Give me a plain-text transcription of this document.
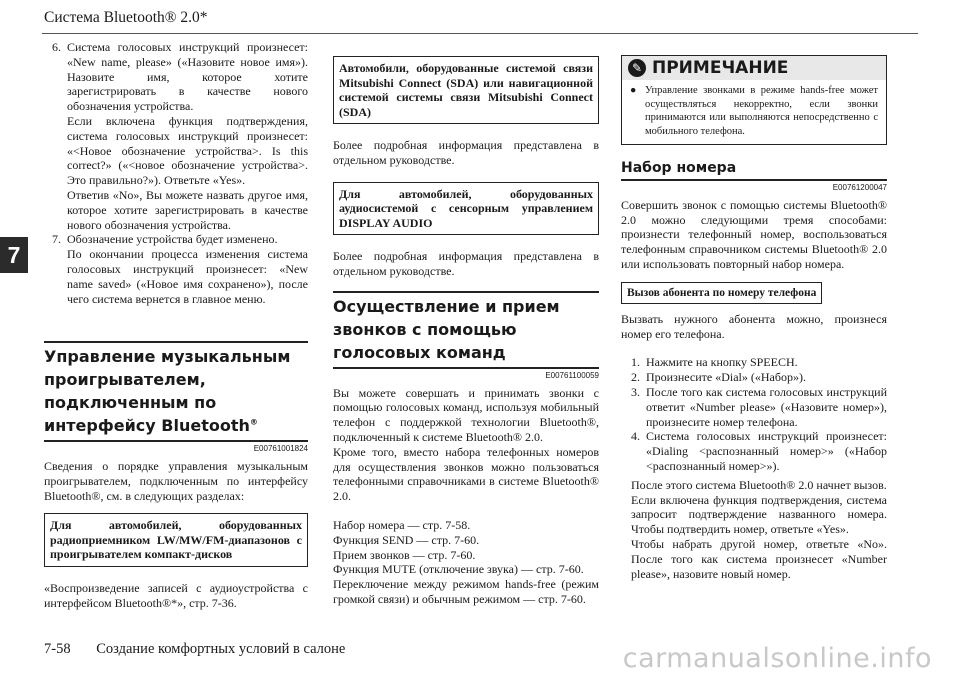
Система Bluetooth® 2.0*
7
6. Система голосовых инструкций произнесет: «New name, please» («Назовите новое имя»). Назовите имя, которое хотите зарегистрировать в качестве нового обозначения устройства.

Если включена функция подтверждения, система голосовых инструкций произнесет: «<Новое обозначение устройства>. Is this correct?» («<новое обозначение устройства>. Это правильно?»). Ответьте «Yes».

Ответив «No», Вы можете назвать другое имя, которое хотите зарегистрировать в качестве нового обозначения устройства.

7. Обозначение устройства будет изменено.

По окончании процесса изменения система голосовых инструкций произнесет: «New name saved» («Новое имя сохранено»), после чего система вернется в главное меню.

Управление музыкальным проигрывателем, подключенным по интерфейсу Bluetooth®
E00761001824

Сведения о порядке управления музыкальным проигрывателем, подключенным по интерфейсу Bluetooth®, см. в следующих разделах:

Для автомобилей, оборудованных радиоприемником LW/MW/FM-диапазонов с проигрывателем компакт-дисков

«Воспроизведение записей с аудиоустройства с интерфейсом Bluetooth®*», стр. 7-36.

Автомобили, оборудованные системой связи Mitsubishi Connect (SDA) или навигационной системой системы связи Mitsubishi Connect (SDA)

Более подробная информация представлена в отдельном руководстве.

Для автомобилей, оборудованных аудиосистемой с сенсорным управлением DISPLAY AUDIO

Более подробная информация представлена в отдельном руководстве.

Осуществление и прием звонков с помощью голосовых команд
E00761100059

Вы можете совершать и принимать звонки с помощью голосовых команд, используя мобильный телефон с поддержкой технологии Bluetooth®, подключенный к системе Bluetooth® 2.0.

Кроме того, вместо набора телефонных номеров для осуществления звонков можно пользоваться телефонными справочниками в системе Bluetooth® 2.0.

Набор номера — стр. 7-58.

Функция SEND — стр. 7-60.

Прием звонков — стр. 7-60.

Функция MUTE (отключение звука) — стр. 7-60.

Переключение между режимом hands-free (режим громкой связи) и обычным режимом — стр. 7-60.

✎ ПРИМЕЧАНИЕ
● Управление звонками в режиме hands-free может осуществляться некорректно, если звонки принимаются или выполняются непосредственно с мобильного телефона.
Набор номера
E00761200047

Совершить звонок с помощью системы Bluetooth® 2.0 можно следующими тремя способами: произнести телефонный номер, воспользоваться телефонным справочником системы Bluetooth® 2.0 или использовать повторный набор номера.

Вызов абонента по номеру телефона

Вызвать нужного абонента можно, произнеся номер его телефона.

1. Нажмите на кнопку SPEECH.
2. Произнесите «Dial» («Набор»).
3. После того как система голосовых инструкций ответит «Number please» («Назовите номер»), произнесите номер телефона.
4. Система голосовых инструкций произнесет: «Dialing <распознанный номер>» («Набор <распознанный номер>»).

После этого система Bluetooth® 2.0 начнет вызов.

Если включена функция подтверждения, система запросит подтверждение названного номера. Чтобы подтвердить номер, ответьте «Yes».

Чтобы набрать другой номер, ответьте «No». После того как система произнесет «Number please», назовите новый номер.

7-58 Создание комфортных условий в салоне	carmanualsonline.info
